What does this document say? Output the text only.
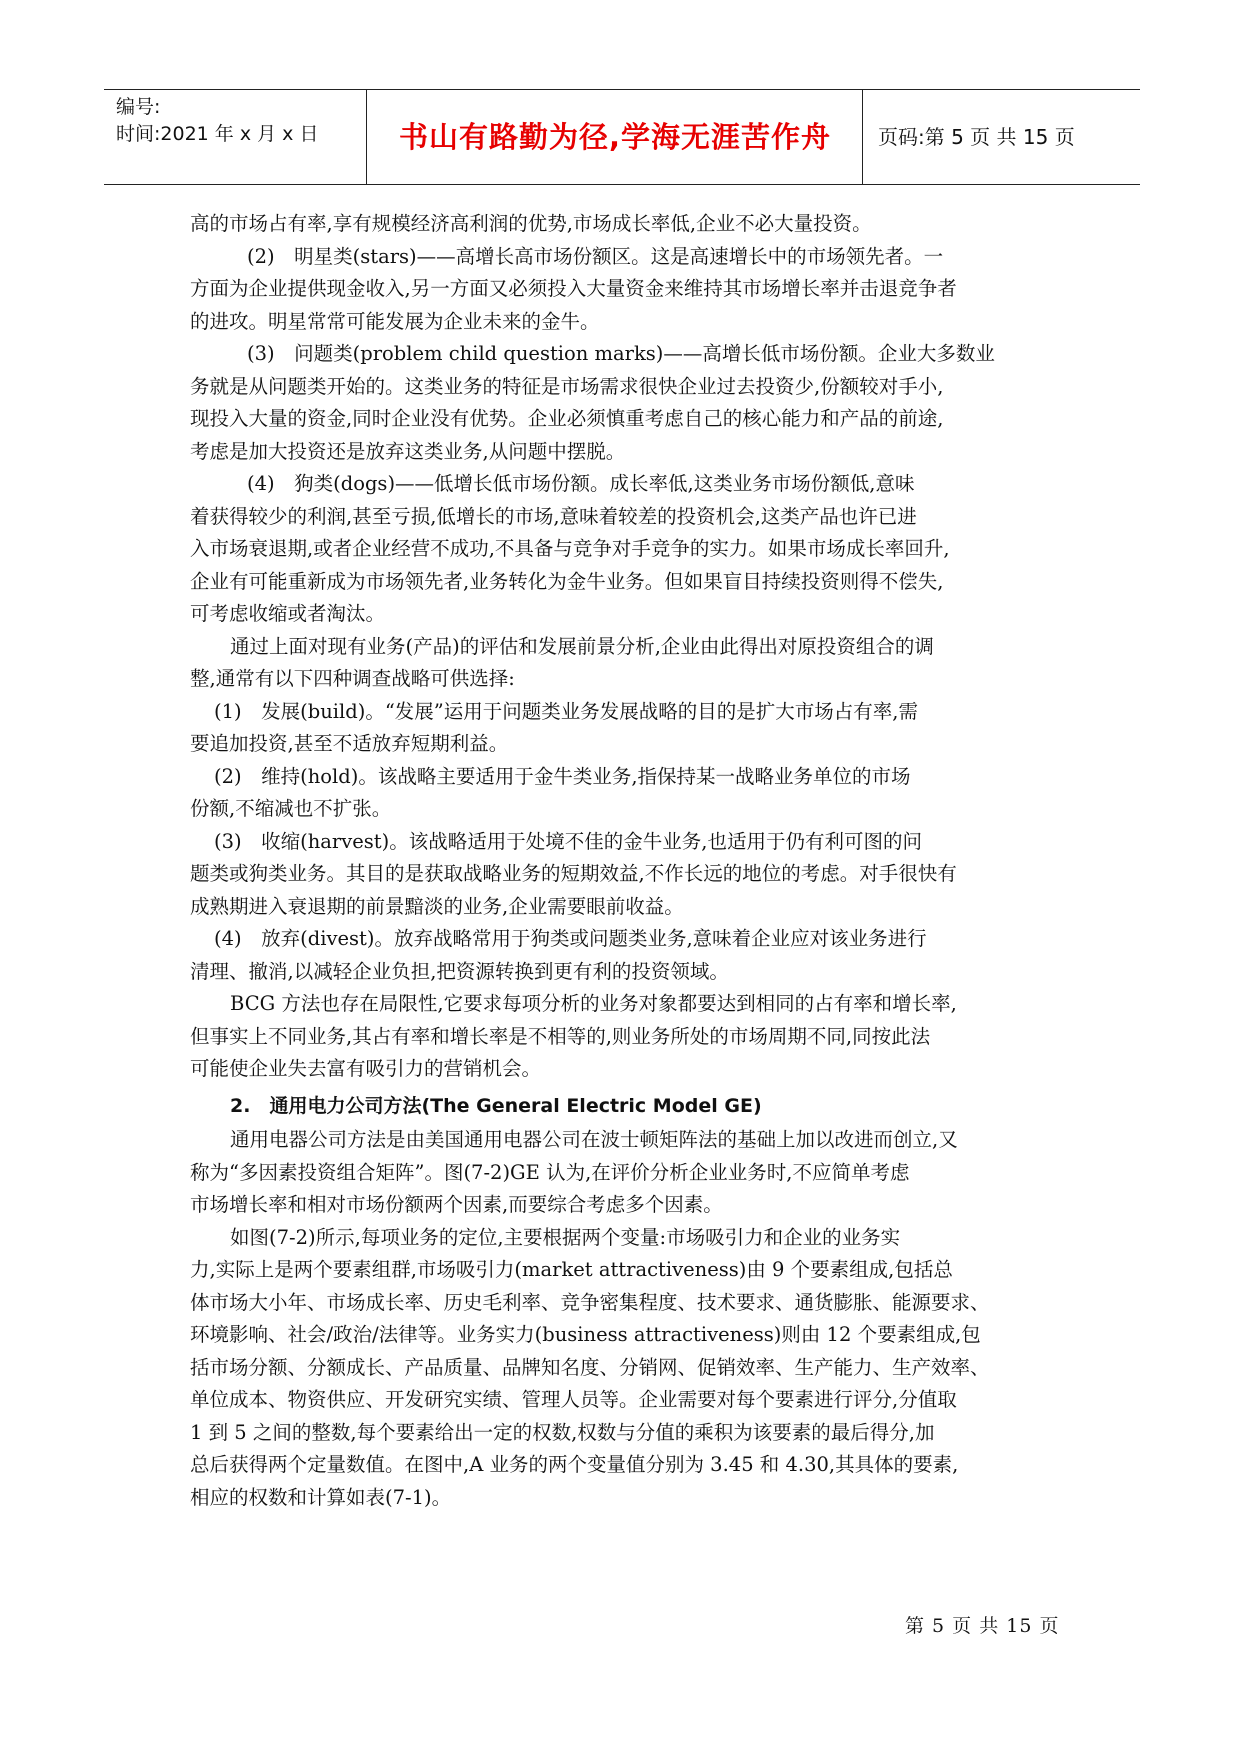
编号:
时间:2021 年 x 月 x 日	书山有路勤为径,学海无涯苦作舟	页码:第 5 页 共 15 页

高的市场占有率,享有规模经济高利润的优势,市场成长率低,企业不必大量投资。

(2)　明星类(stars)——高增长高市场份额区。这是高速增长中的市场领先者。一

方面为企业提供现金收入,另一方面又必须投入大量资金来维持其市场增长率并击退竞争者

的进攻。明星常常可能发展为企业未来的金牛。

(3)　问题类(problem child question marks)——高增长低市场份额。企业大多数业

务就是从问题类开始的。这类业务的特征是市场需求很快企业过去投资少,份额较对手小,

现投入大量的资金,同时企业没有优势。企业必须慎重考虑自己的核心能力和产品的前途,

考虑是加大投资还是放弃这类业务,从问题中摆脱。

(4)　狗类(dogs)——低增长低市场份额。成长率低,这类业务市场份额低,意味

着获得较少的利润,甚至亏损,低增长的市场,意味着较差的投资机会,这类产品也许已进

入市场衰退期,或者企业经营不成功,不具备与竞争对手竞争的实力。如果市场成长率回升,

企业有可能重新成为市场领先者,业务转化为金牛业务。但如果盲目持续投资则得不偿失,

可考虑收缩或者淘汰。

通过上面对现有业务(产品)的评估和发展前景分析,企业由此得出对原投资组合的调

整,通常有以下四种调查战略可供选择:

(1)　发展(build)。“发展”运用于问题类业务发展战略的目的是扩大市场占有率,需

要追加投资,甚至不适放弃短期利益。

(2)　维持(hold)。该战略主要适用于金牛类业务,指保持某一战略业务单位的市场

份额,不缩减也不扩张。

(3)　收缩(harvest)。该战略适用于处境不佳的金牛业务,也适用于仍有利可图的问

题类或狗类业务。其目的是获取战略业务的短期效益,不作长远的地位的考虑。对手很快有

成熟期进入衰退期的前景黯淡的业务,企业需要眼前收益。

(4)　放弃(divest)。放弃战略常用于狗类或问题类业务,意味着企业应对该业务进行

清理、撤消,以减轻企业负担,把资源转换到更有利的投资领域。

BCG 方法也存在局限性,它要求每项分析的业务对象都要达到相同的占有率和增长率,

但事实上不同业务,其占有率和增长率是不相等的,则业务所处的市场周期不同,同按此法

可能使企业失去富有吸引力的营销机会。

2.　通用电力公司方法(The General Electric Model GE)

通用电器公司方法是由美国通用电器公司在波士顿矩阵法的基础上加以改进而创立,又

称为“多因素投资组合矩阵”。图(7-2)GE 认为,在评价分析企业业务时,不应简单考虑

市场增长率和相对市场份额两个因素,而要综合考虑多个因素。

如图(7-2)所示,每项业务的定位,主要根据两个变量:市场吸引力和企业的业务实

力,实际上是两个要素组群,市场吸引力(market attractiveness)由 9 个要素组成,包括总

体市场大小年、市场成长率、历史毛利率、竞争密集程度、技术要求、通货膨胀、能源要求、

环境影响、社会/政治/法律等。业务实力(business attractiveness)则由 12 个要素组成,包

括市场分额、分额成长、产品质量、品牌知名度、分销网、促销效率、生产能力、生产效率、

单位成本、物资供应、开发研究实绩、管理人员等。企业需要对每个要素进行评分,分值取

1 到 5 之间的整数,每个要素给出一定的权数,权数与分值的乘积为该要素的最后得分,加

总后获得两个定量数值。在图中,A 业务的两个变量值分别为 3.45 和 4.30,其具体的要素,

相应的权数和计算如表(7-1)。

第 5 页 共 15 页
